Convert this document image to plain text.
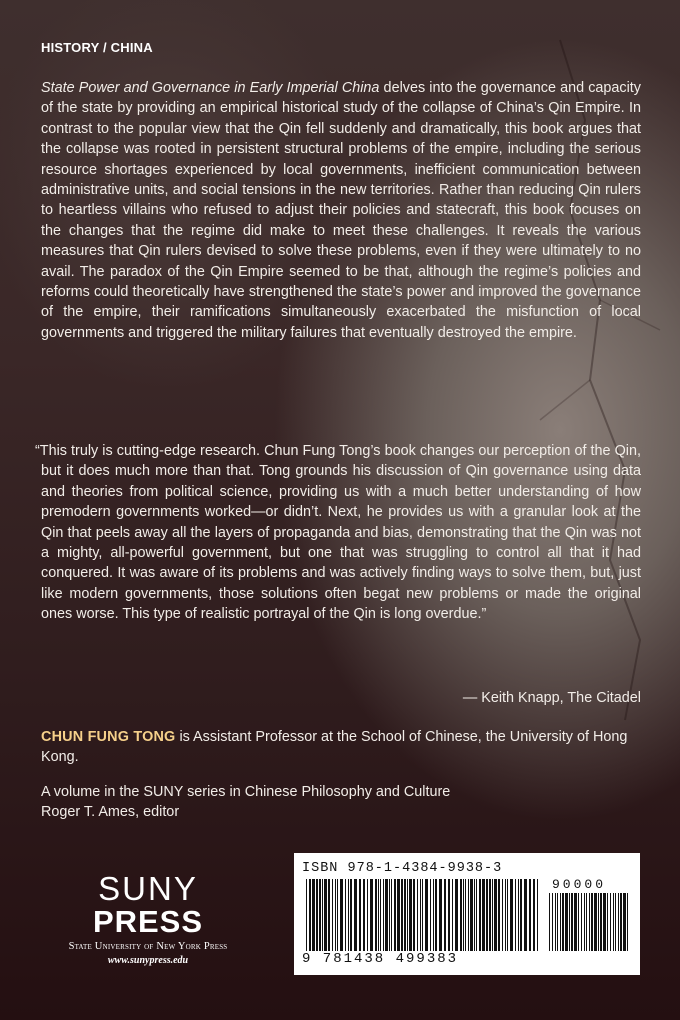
HISTORY / CHINA

State Power and Governance in Early Imperial China delves into the governance and capacity of the state by providing an empirical historical study of the collapse of China’s Qin Empire. In contrast to the popular view that the Qin fell suddenly and dramatically, this book argues that the collapse was rooted in persistent structural problems of the empire, including the serious resource shortages experienced by local governments, inefficient communication between administrative units, and social tensions in the new territories. Rather than reducing Qin rulers to heartless villains who refused to adjust their policies and statecraft, this book focuses on the changes that the regime did make to meet these challenges. It reveals the various measures that Qin rulers devised to solve these problems, even if they were ultimately to no avail. The paradox of the Qin Empire seemed to be that, although the regime’s policies and reforms could theoretically have strengthened the state’s power and improved the governance of the empire, their ramifications simultaneously exacerbated the misfunction of local governments and triggered the military failures that eventually destroyed the empire.

“This truly is cutting-edge research. Chun Fung Tong’s book changes our perception of the Qin, but it does much more than that. Tong grounds his discussion of Qin governance using data and theories from political science, providing us with a much better understanding of how premodern governments worked—or didn’t. Next, he provides us with a granular look at the Qin that peels away all the layers of propaganda and bias, demonstrating that the Qin was not a mighty, all-powerful government, but one that was struggling to control all that it had conquered. It was aware of its problems and was actively finding ways to solve them, but, just like modern governments, those solutions often begat new problems or made the original ones worse. This type of realistic portrayal of the Qin is long overdue.”

— Keith Knapp, The Citadel

CHUN FUNG TONG is Assistant Professor at the School of Chinese, the University of Hong Kong.

A volume in the SUNY series in Chinese Philosophy and Culture
Roger T. Ames, editor

SUNY
PRESS
State University of New York Press
www.sunypress.edu
ISBN 978-1-4384-9938-3
90000
9 781438 499383
